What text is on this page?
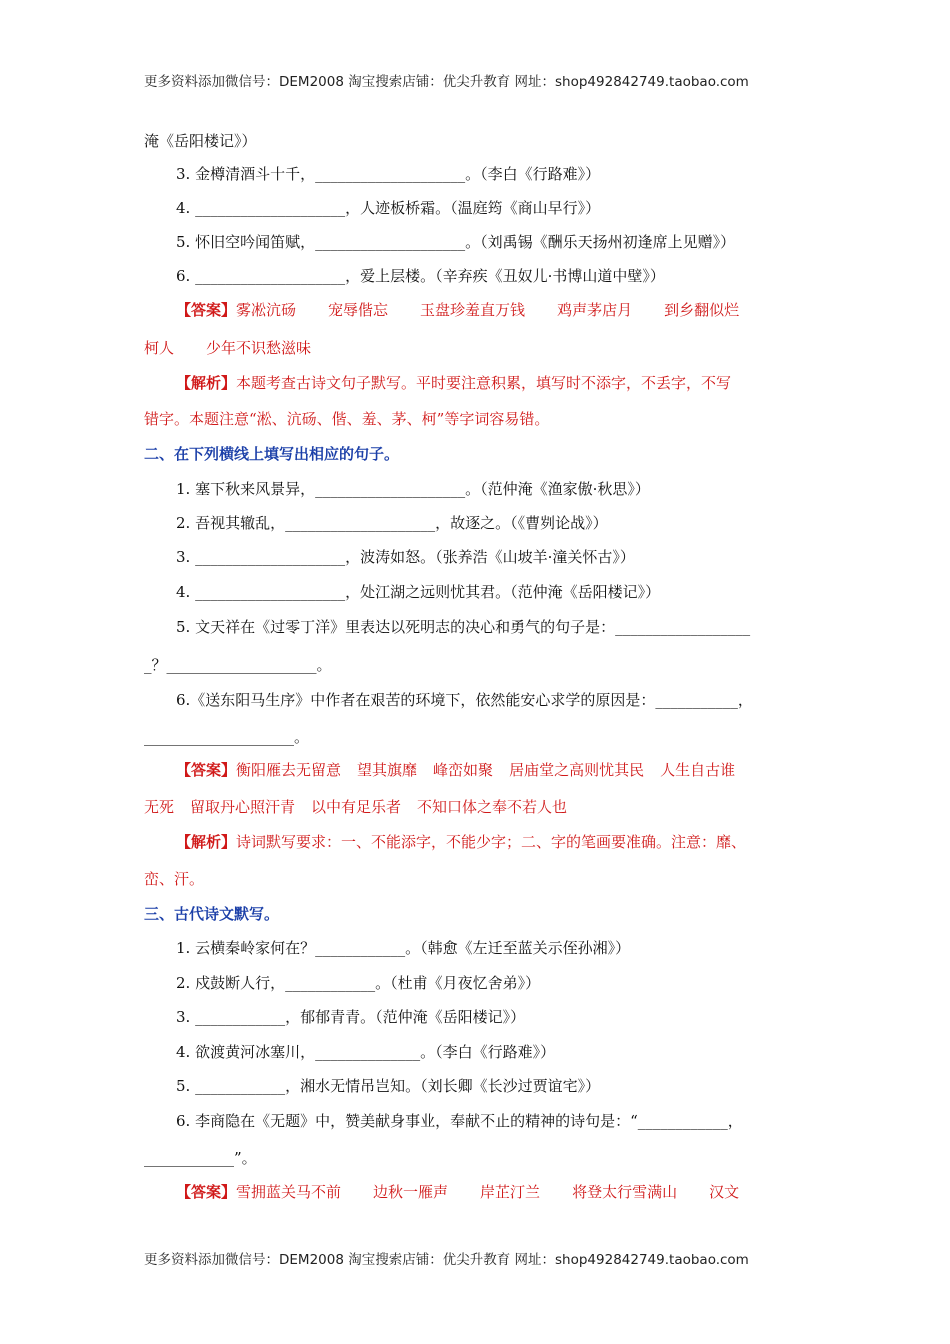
更多资料添加微信号：DEM2008 淘宝搜索店铺：优尖升教育 网址：shop492842749.taobao.com
淹《岳阳楼记》）
3. 金樽清酒斗十千，____________________。（李白《行路难》）
4. ____________________，人迹板桥霜。（温庭筠《商山早行》）
5. 怀旧空吟闻笛赋，____________________。（刘禹锡《酬乐天扬州初逢席上见赠》）
6. ____________________，爱上层楼。（辛弃疾《丑奴儿·书博山道中壁》）
【答案】雾凇沆砀 宠辱偕忘 玉盘珍羞直万钱 鸡声茅店月 到乡翻似烂
柯人 少年不识愁滋味
【解析】本题考查古诗文句子默写。平时要注意积累，填写时不添字，不丢字，不写
错字。本题注意“淞、沆砀、偕、羞、茅、柯”等字词容易错。
二、在下列横线上填写出相应的句子。
1. 塞下秋来风景异，____________________。（范仲淹《渔家傲·秋思》）
2. 吾视其辙乱，____________________，故逐之。（《曹刿论战》）
3. ____________________，波涛如怒。（张养浩《山坡羊·潼关怀古》）
4. ____________________，处江湖之远则忧其君。（范仲淹《岳阳楼记》）
5. 文天祥在《过零丁洋》里表达以死明志的决心和勇气的句子是：__________________
_？____________________。
6.《送东阳马生序》中作者在艰苦的环境下，依然能安心求学的原因是：___________，
____________________。
【答案】衡阳雁去无留意 望其旗靡 峰峦如聚 居庙堂之高则忧其民 人生自古谁
无死 留取丹心照汗青 以中有足乐者 不知口体之奉不若人也
【解析】诗词默写要求：一、不能添字，不能少字；二、字的笔画要准确。注意：靡、
峦、汗。
三、古代诗文默写。
1. 云横秦岭家何在？____________。（韩愈《左迁至蓝关示侄孙湘》）
2. 戍鼓断人行，____________。（杜甫《月夜忆舍弟》）
3. ____________，郁郁青青。（范仲淹《岳阳楼记》）
4. 欲渡黄河冰塞川，______________。（李白《行路难》）
5. ____________，湘水无情吊岂知。（刘长卿《长沙过贾谊宅》）
6. 李商隐在《无题》中，赞美献身事业，奉献不止的精神的诗句是：“____________，
____________”。
【答案】雪拥蓝关马不前 边秋一雁声 岸芷汀兰 将登太行雪满山 汉文
更多资料添加微信号：DEM2008 淘宝搜索店铺：优尖升教育 网址：shop492842749.taobao.com
